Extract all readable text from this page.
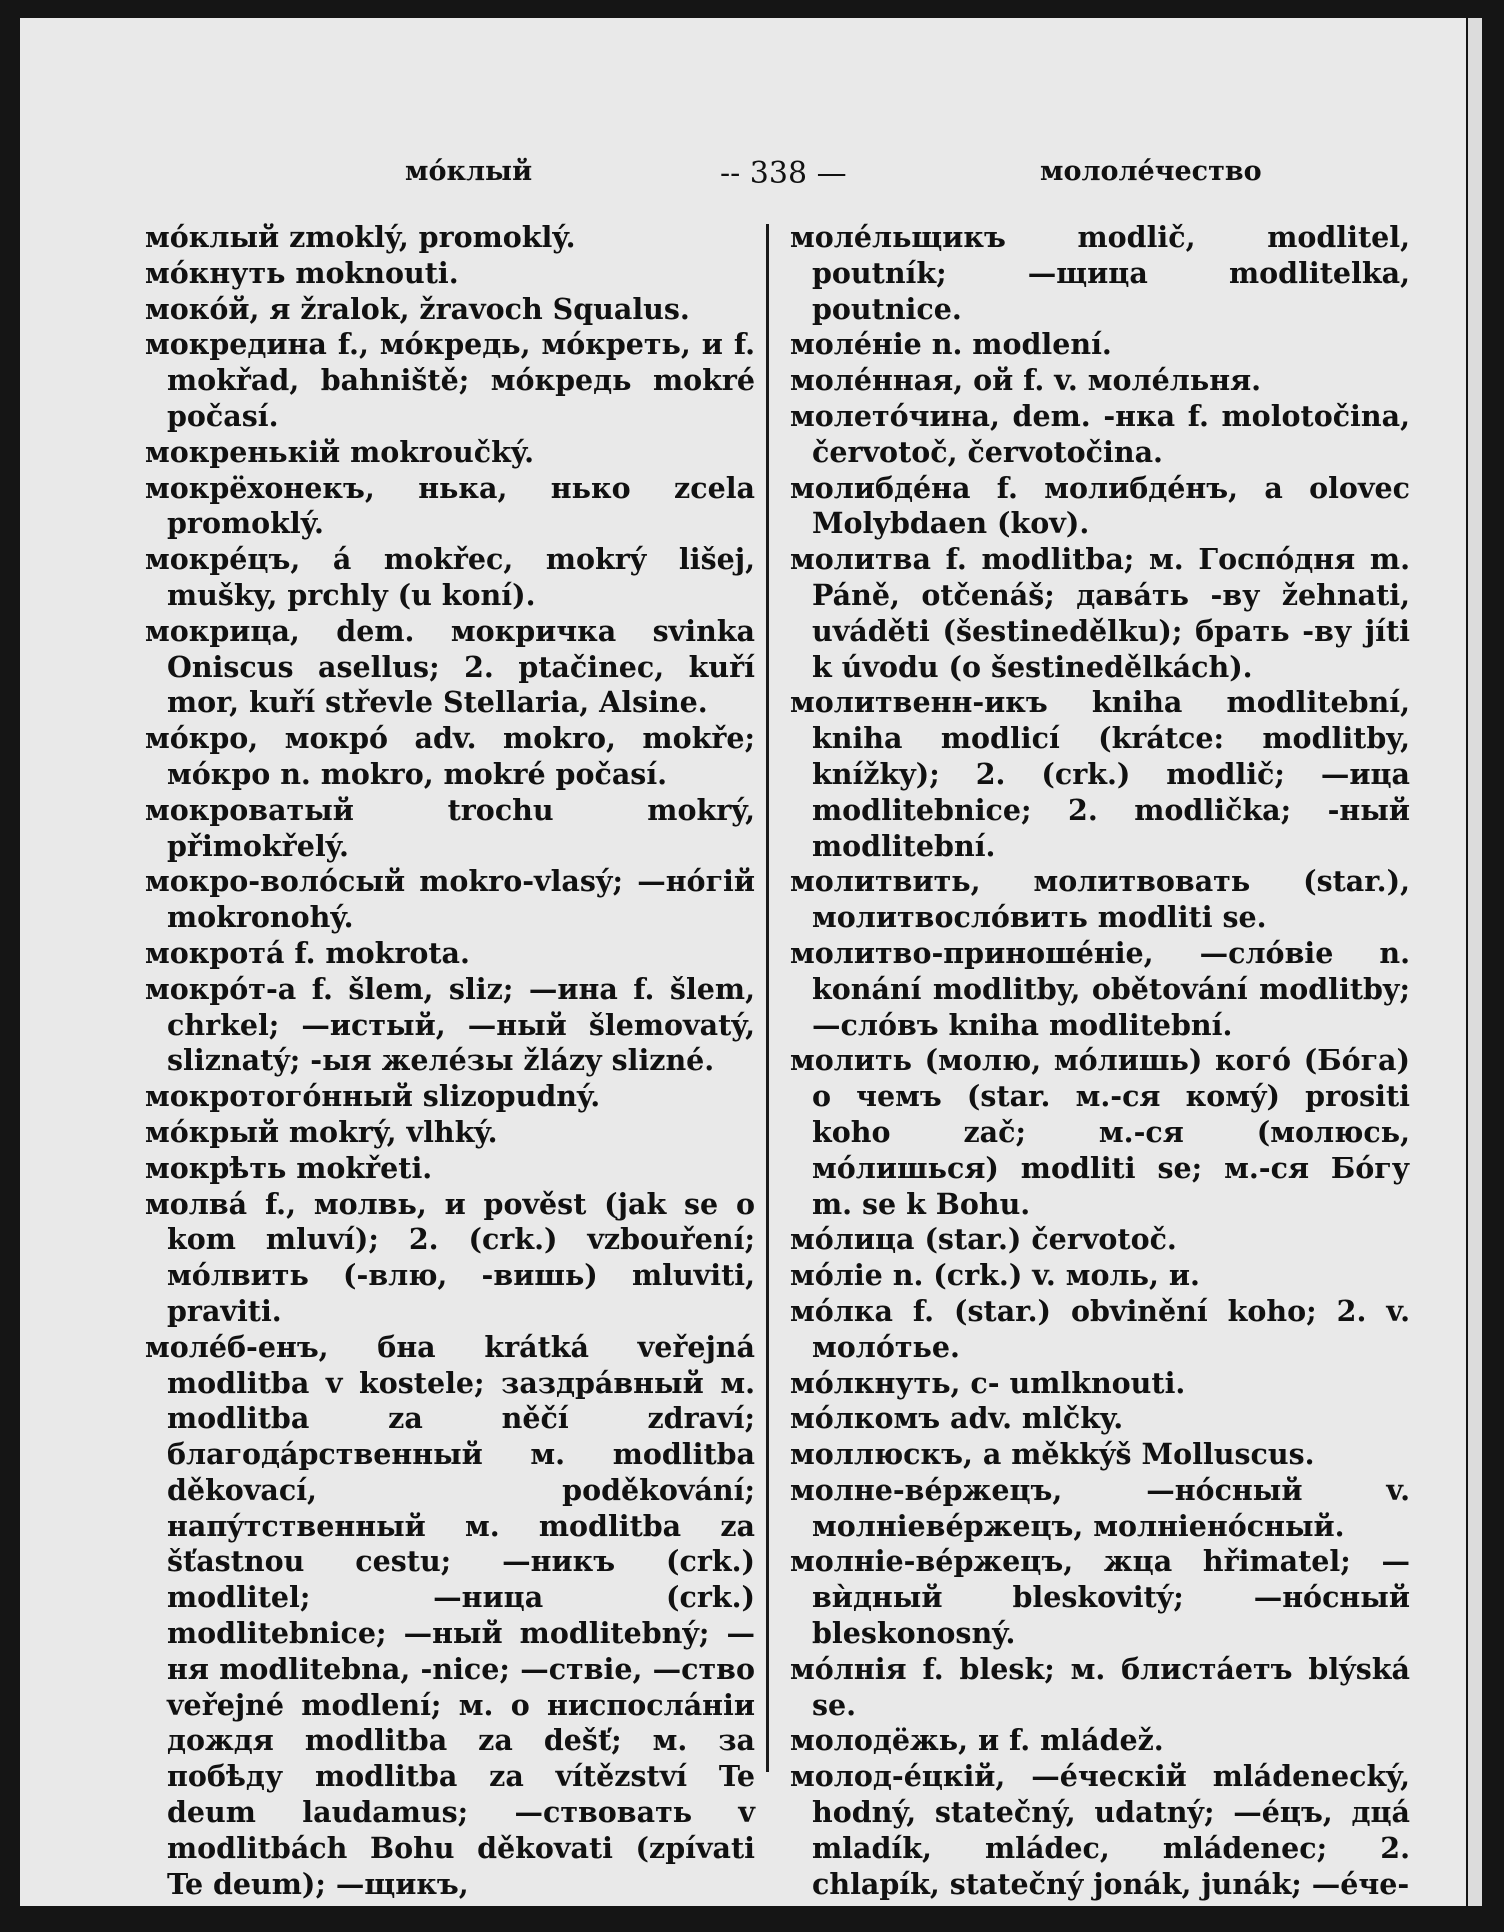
мóклый	-- 338 —	мололéчество

мóклый zmoklý, promoklý.

мóкнуть moknouti.

мокóй, я žralok, žravoch Squalus.

мокредина f., мóкредь, мóкреть, и f. mokřad, bahniště; мóкредь mokré počasí.

мокренькій mokroučký.

мокрёхонекъ, нька, нько zcela promoklý.

мокрéцъ, á mokřec, mokrý lišej, mušky, prchly (u koní).

мокрица, dem. мокричка svinka Oniscus asellus; 2. ptačinec, kuří mor, kuří střevle Stellaria, Alsine.

мóкро, мокрó adv. mokro, mokře; мóкро n. mokro, mokré počasí.

мокроватый trochu mokrý, přimokřelý.

мокро-волóсый mokro-vlasý; —нóгій mokronohý.

мокротá f. mokrota.

мокрóт-а f. šlem, sliz; —ина f. šlem, chrkel; —истый, —ный šlemovatý, sliznatý; -ыя желéзы žlázy slizné.

мокротогóнный slizopudný.

мóкрый mokrý, vlhký.

мокрѣть mokřeti.

молвá f., молвь, и pověst (jak se o kom mluví); 2. (crk.) vzbouření; мóлвить (-влю, -вишь) mluviti, praviti.

молéб-енъ, бна krátká veřejná modlitba v kostele; заздрáвный м. modlitba za něčí zdraví; благодáрственный м. modlitba děkovací, poděkování; напýтственный м. modlitba za šťastnou cestu; —никъ (crk.) modlitel; —ница (crk.) modlitebnice; —ный modlitebný; —ня modlitebna, -nice; —ствіе, —ство veřejné modlení; м. о ниспослáніи дождя modlitba za dešť; м. за побѣду modlitba za vítězství Te deum laudamus; —ствовать v modlitbách Bohu děkovati (zpívati Te deum); —щикъ,

молéльщикъ modlič, modlitel, poutník; —щица modlitelka, poutnice.

молéніе n. modlení.

молéнная, ой f. v. молéльня.

молетóчина, dem. -нка f. molotočina, červotoč, červotočina.

молибдéна f. молибдéнъ, a olovec Molybdaen (kov).

молитва f. modlitba; м. Госпóдня m. Páně, otčenáš; давáть -ву žehnati, uváděti (šestinedělku); брать -ву jíti k úvodu (o šestinedělkách).

молитвенн-икъ kniha modlitební, kniha modlicí (krátce: modlitby, knížky); 2. (crk.) modlič; —ица modlitebnice; 2. modlička; -ный modlitební.

молитвить, молитвовать (star.), молитвослóвить modliti se.

молитво-приношéніе, —слóвіе n. konání modlitby, obětování modlitby; —слóвъ kniha modlitební.

молить (молю, мóлишь) когó (Бóга) о чемъ (star. м.-ся комý) prositi koho zač; м.-ся (молюсь, мóлишься) modliti se; м.-ся Бóгу m. se k Bohu.

мóлица (star.) červotoč.

мóліе n. (crk.) v. моль, и.

мóлка f. (star.) obvinění koho; 2. v. молóтье.

мóлкнуть, с- umlknouti.

мóлкомъ adv. mlčky.

моллюскъ, a měkkýš Molluscus.

молне-вéржецъ, —нóсный v. молніевéржецъ, молніенóсный.

молніе-вéржецъ, жца hřimatel; —вѝдный bleskovitý; —нóсный bleskonosný.

мóлнія f. blesk; м. блистáетъ blýská se.

молодёжь, и f. mládež.

молод-éцкій, —éческій mládenecký, hodný, statečný, udatný; —éцъ, дцá mladík, mládec, mládenec; 2. chlapík, statečný jonák, junák; —éче-
